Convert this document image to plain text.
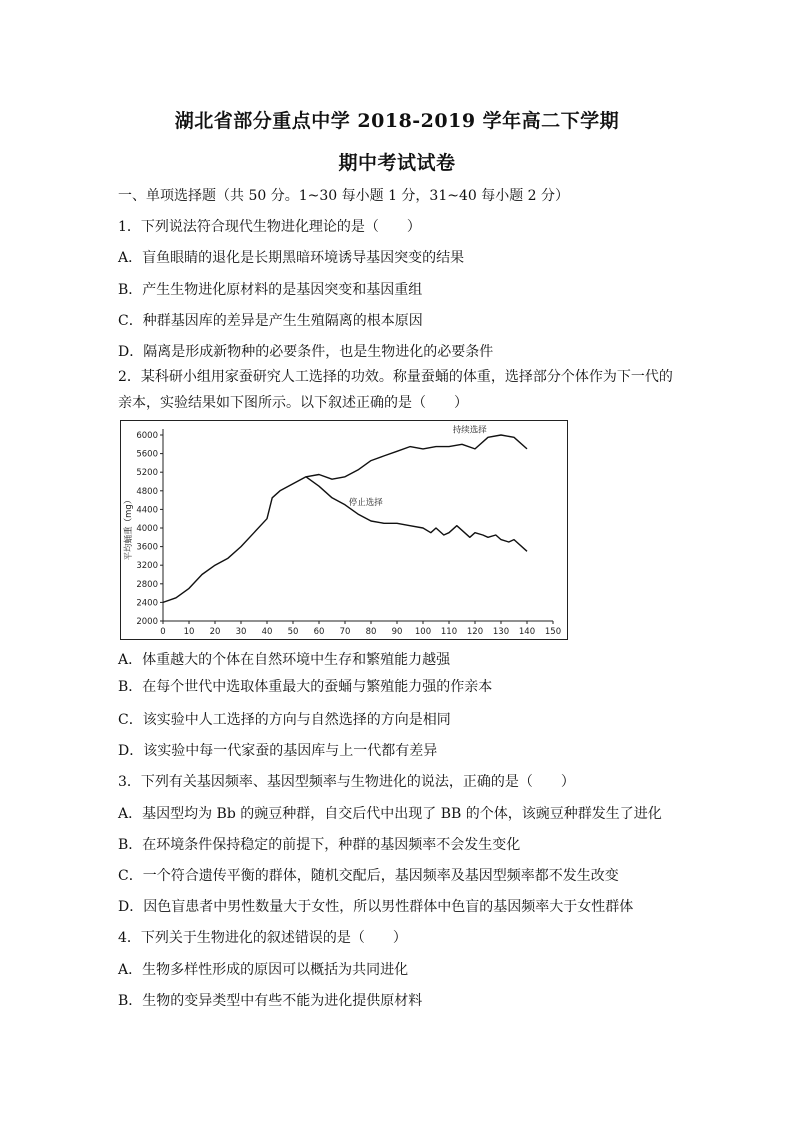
湖北省部分重点中学 2018-2019 学年高二下学期
期中考试试卷
一、单项选择题（共 50 分。1~30 每小题 1 分，31~40 每小题 2 分）
1．下列说法符合现代生物进化理论的是（　　）
A．盲鱼眼睛的退化是长期黑暗环境诱导基因突变的结果
B．产生生物进化原材料的是基因突变和基因重组
C．种群基因库的差异是产生生殖隔离的根本原因
D．隔离是形成新物种的必要条件，也是生物进化的必要条件
2．某科研小组用家蚕研究人工选择的功效。称量蚕蛹的体重，选择部分个体作为下一代的
亲本，实验结果如下图所示。以下叙述正确的是（　　）
0 10 20 30 40 50 60 70 80 90 100 110 120 130 140 150
2000
2400
2800
3200
3600
4000
4400
4800
5200
5600
6000
平均蛹重（mg）
持续选择
停止选择
A．体重越大的个体在自然环境中生存和繁殖能力越强
B．在每个世代中选取体重最大的蚕蛹与繁殖能力强的作亲本
C．该实验中人工选择的方向与自然选择的方向是相同
D．该实验中每一代家蚕的基因库与上一代都有差异
3．下列有关基因频率、基因型频率与生物进化的说法，正确的是（　　）
A．基因型均为 Bb 的豌豆种群，自交后代中出现了 BB 的个体，该豌豆种群发生了进化
B．在环境条件保持稳定的前提下，种群的基因频率不会发生变化
C．一个符合遗传平衡的群体，随机交配后，基因频率及基因型频率都不发生改变
D．因色盲患者中男性数量大于女性，所以男性群体中色盲的基因频率大于女性群体
4．下列关于生物进化的叙述错误的是（　　）
A．生物多样性形成的原因可以概括为共同进化
B．生物的变异类型中有些不能为进化提供原材料
